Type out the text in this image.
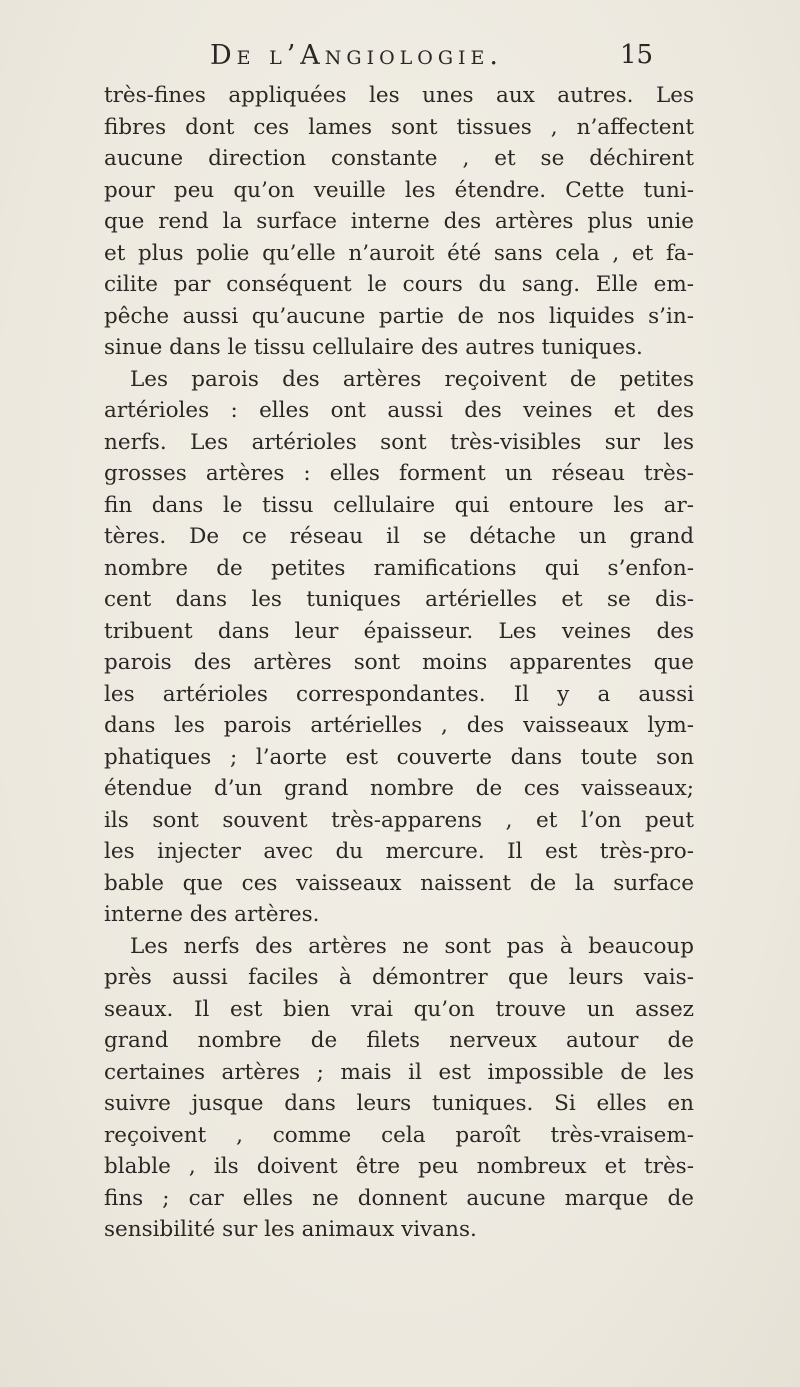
De l’Angiologie.	15
très-fines appliquées les unes aux autres. Les
fibres dont ces lames sont tissues , n’affectent
aucune direction constante , et se déchirent
pour peu qu’on veuille les étendre. Cette tuni-
que rend la surface interne des artères plus unie
et plus polie qu’elle n’auroit été sans cela , et fa-
cilite par conséquent le cours du sang. Elle em-
pêche aussi qu’aucune partie de nos liquides s’in-
sinue dans le tissu cellulaire des autres tuniques.
Les parois des artères reçoivent de petites
artérioles : elles ont aussi des veines et des
nerfs. Les artérioles sont très-visibles sur les
grosses artères : elles forment un réseau très-
fin dans le tissu cellulaire qui entoure les ar-
tères. De ce réseau il se détache un grand
nombre de petites ramifications qui s’enfon-
cent dans les tuniques artérielles et se dis-
tribuent dans leur épaisseur. Les veines des
parois des artères sont moins apparentes que
les artérioles correspondantes. Il y a aussi
dans les parois artérielles , des vaisseaux lym-
phatiques ; l’aorte est couverte dans toute son
étendue d’un grand nombre de ces vaisseaux;
ils sont souvent très-apparens , et l’on peut
les injecter avec du mercure. Il est très-pro-
bable que ces vaisseaux naissent de la surface
interne des artères.
Les nerfs des artères ne sont pas à beaucoup
près aussi faciles à démontrer que leurs vais-
seaux. Il est bien vrai qu’on trouve un assez
grand nombre de filets nerveux autour de
certaines artères ; mais il est impossible de les
suivre jusque dans leurs tuniques. Si elles en
reçoivent , comme cela paroît très-vraisem-
blable , ils doivent être peu nombreux et très-
fins ; car elles ne donnent aucune marque de
sensibilité sur les animaux vivans.
